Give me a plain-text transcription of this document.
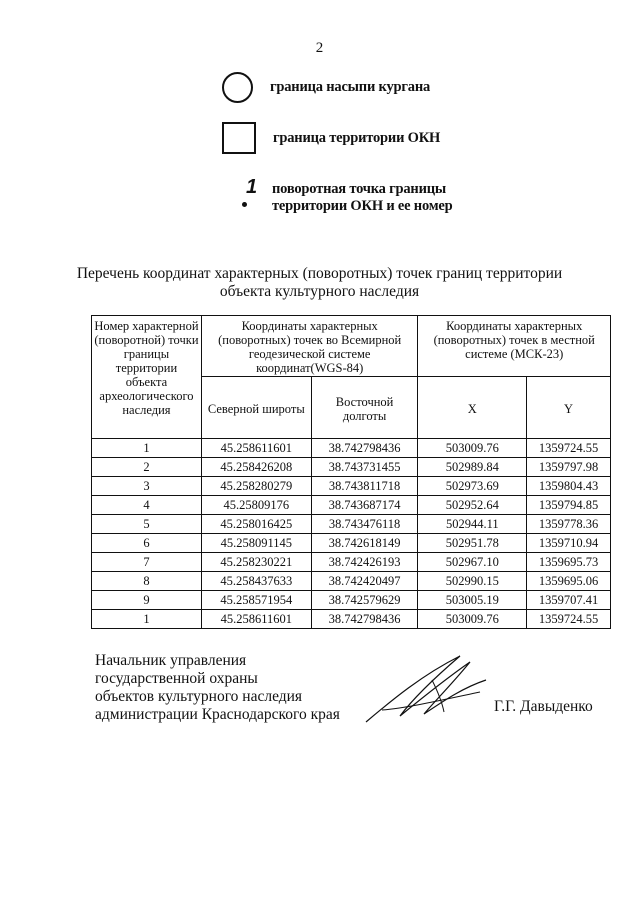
2
граница насыпи кургана
граница территории ОКН
1 поворотная точка границы
территории ОКН и ее номер
Перечень координат характерных (поворотных) точек границ территории
объекта культурного наследия
Номер характерной (поворотной) точки границы территории объекта археологического наследия	Координаты характерных (поворотных) точек во Всемирной геодезической системе координат(WGS-84)		Координаты характерных (поворотных) точек в местной системе (МСК-23)	
	Северной широты	Восточной долготы	X	Y
1	45.258611601	38.742798436	503009.76	1359724.55
2	45.258426208	38.743731455	502989.84	1359797.98
3	45.258280279	38.743811718	502973.69	1359804.43
4	45.25809176	38.743687174	502952.64	1359794.85
5	45.258016425	38.743476118	502944.11	1359778.36
6	45.258091145	38.742618149	502951.78	1359710.94
7	45.258230221	38.742426193	502967.10	1359695.73
8	45.258437633	38.742420497	502990.15	1359695.06
9	45.258571954	38.742579629	503005.19	1359707.41
1	45.258611601	38.742798436	503009.76	1359724.55
Начальник управления
государственной охраны
объектов культурного наследия
администрации Краснодарского края	Г.Г. Давыденко
